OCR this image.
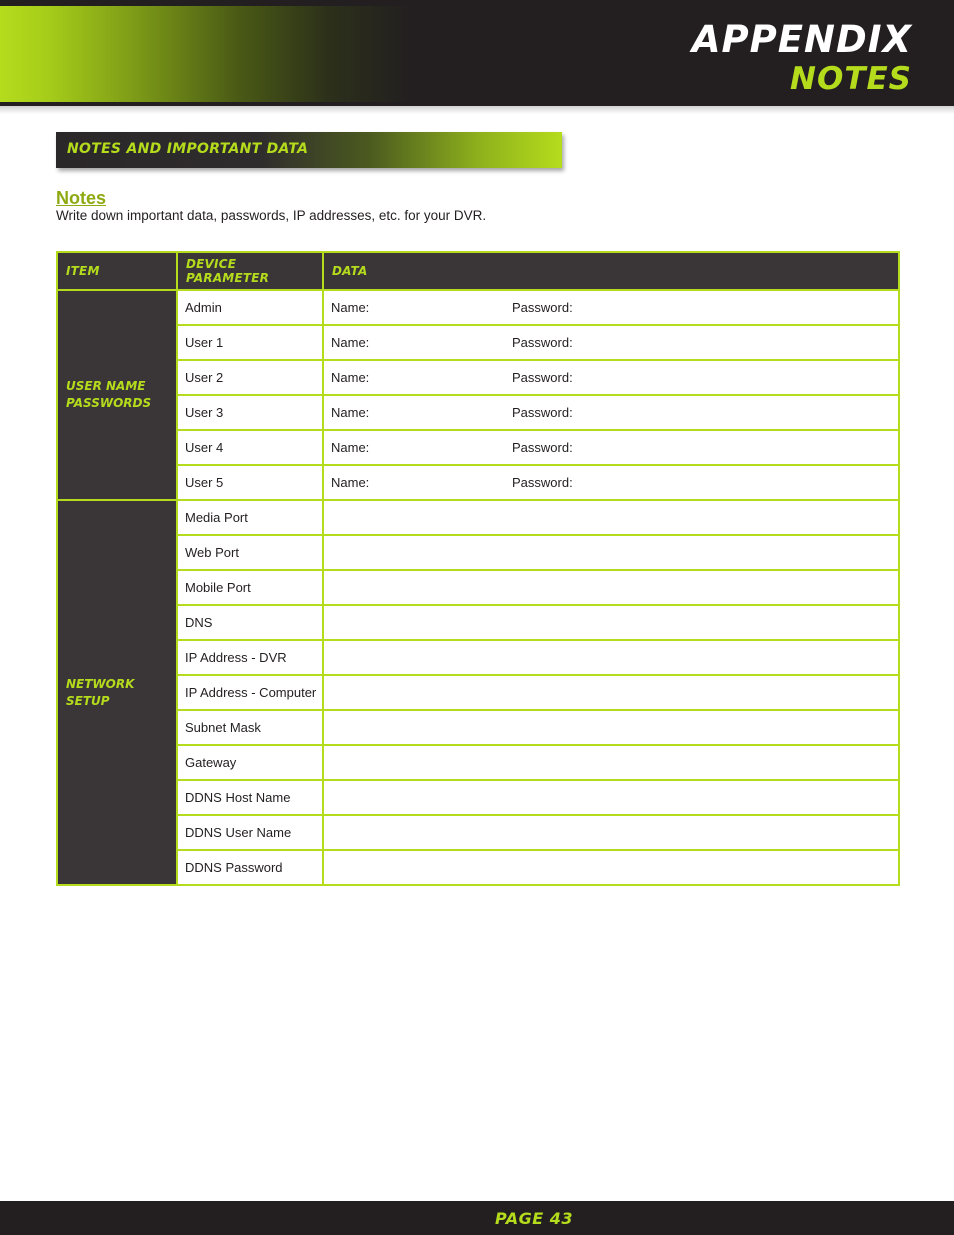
APPENDIX
NOTES
NOTES AND IMPORTANT DATA
Notes
Write down important data, passwords, IP addresses, etc. for your DVR.
ITEM	DEVICE PARAMETER	DATA
USER NAME PASSWORDS	Admin	Name: Password:
	User 1	Name: Password:
	User 2	Name: Password:
	User 3	Name: Password:
	User 4	Name: Password:
	User 5	Name: Password:
NETWORK SETUP	Media Port	
	Web Port	
	Mobile Port	
	DNS	
	IP Address - DVR	
	IP Address - Computer	
	Subnet Mask	
	Gateway	
	DDNS Host Name	
	DDNS User Name	
	DDNS Password	
PAGE 43
